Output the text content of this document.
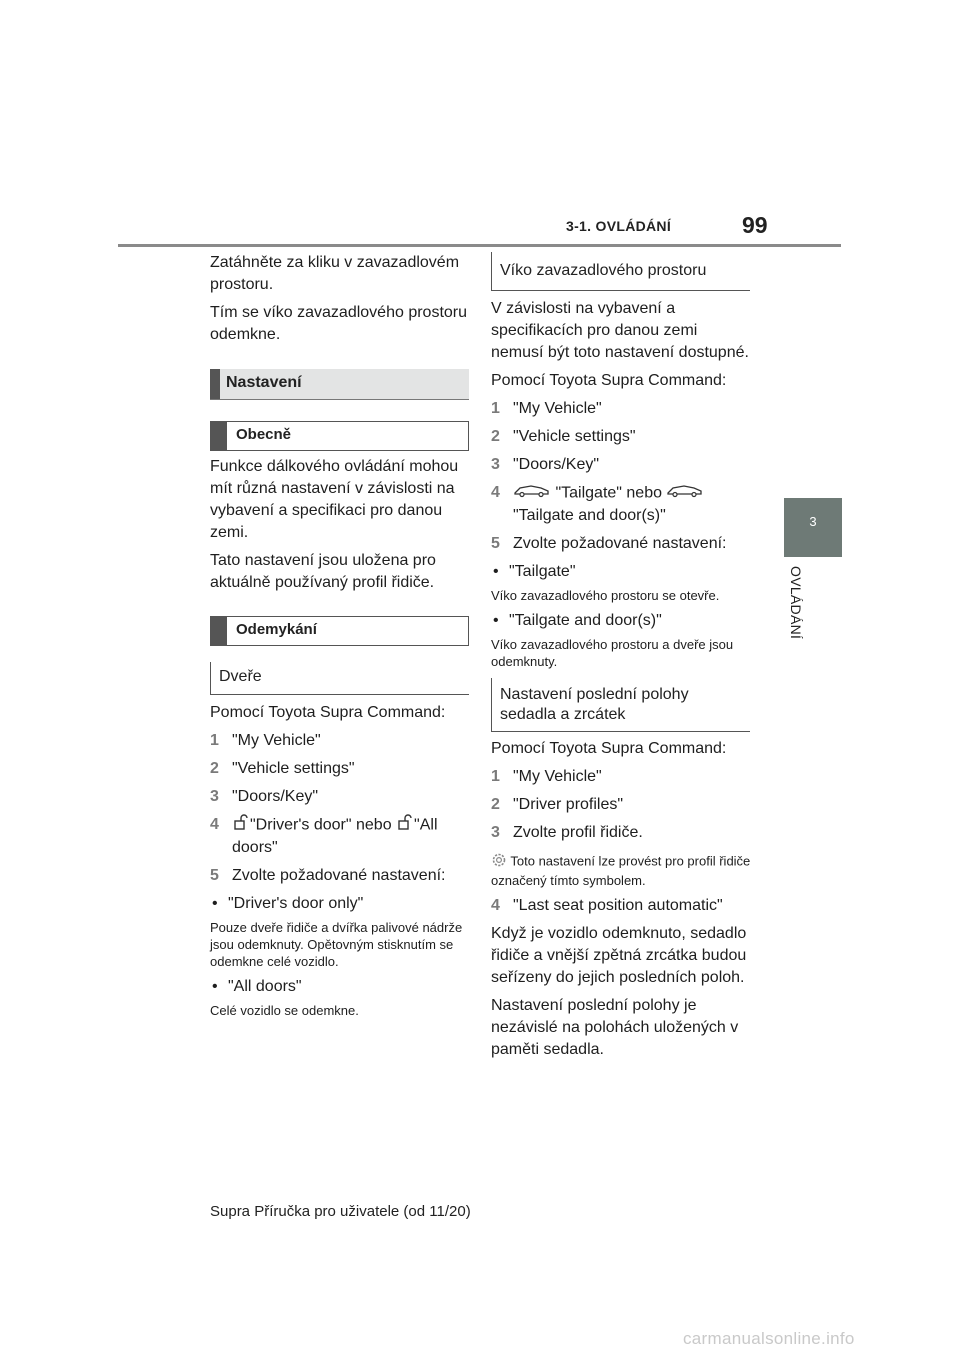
3-1. OVLÁDÁNÍ	99
3
OVLÁDÁNÍ

Zatáhněte za kliku v zavazadlovém prostoru.

Tím se víko zavazadlového prostoru odemkne.

Nastavení
Obecně

Funkce dálkového ovládání mohou mít různá nastavení v závislosti na vybavení a specifikaci pro danou zemi.

Tato nastavení jsou uložena pro aktuálně používaný profil řidiče.

Odemykání
Dveře

Pomocí Toyota Supra Command:

1 "My Vehicle"
2 "Vehicle settings"
3 "Doors/Key"
4 "Driver's door" nebo "All doors"
5 Zvolte požadované nastavení:
• "Driver's door only"

Pouze dveře řidiče a dvířka palivové nádrže jsou odemknuty. Opětovným stisknutím se odemkne celé vozidlo.

• "All doors"

Celé vozidlo se odemkne.

Víko zavazadlového prostoru

V závislosti na vybavení a specifikacích pro danou zemi nemusí být toto nastavení dostupné.

Pomocí Toyota Supra Command:

1 "My Vehicle"
2 "Vehicle settings"
3 "Doors/Key"
4	"Tailgate" nebo  "Tailgate and door(s)"
5 Zvolte požadované nastavení:
• "Tailgate"

Víko zavazadlového prostoru se otevře.

• "Tailgate and door(s)"

Víko zavazadlového prostoru a dveře jsou odemknuty.

Nastavení poslední polohy sedadla a zrcátek

Pomocí Toyota Supra Command:

1 "My Vehicle"
2 "Driver profiles"
3 Zvolte profil řidiče.

Toto nastavení lze provést pro profil řidiče označený tímto symbolem.

4 "Last seat position automatic"

Když je vozidlo odemknuto, sedadlo řidiče a vnější zpětná zrcátka budou seřízeny do jejich posledních poloh.

Nastavení poslední polohy je nezávislé na polohách uložených v paměti sedadla.

Supra Příručka pro uživatele (od 11/20)
carmanualsonline.info
